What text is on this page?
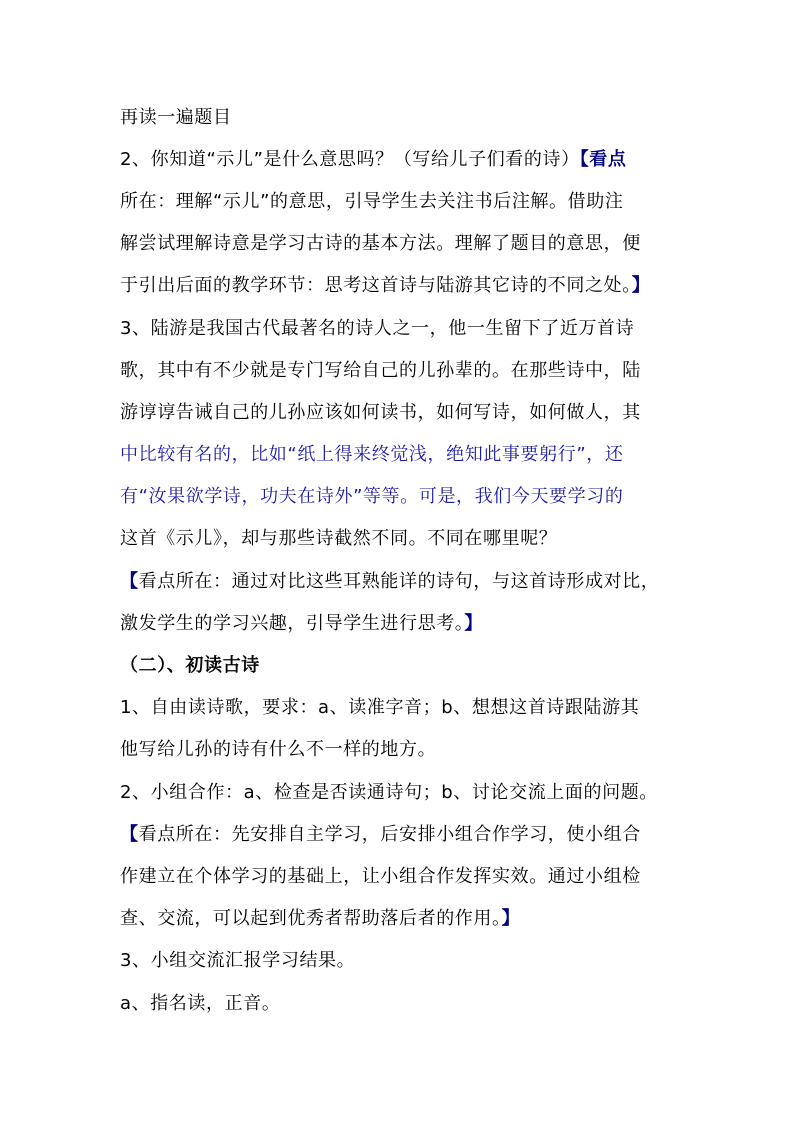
再读一遍题目
2、你知道“示儿”是什么意思吗？（写给儿子们看的诗）【看点
所在：理解“示儿”的意思，引导学生去关注书后注解。借助注
解尝试理解诗意是学习古诗的基本方法。理解了题目的意思，便
于引出后面的教学环节：思考这首诗与陆游其它诗的不同之处。】
3、陆游是我国古代最著名的诗人之一，他一生留下了近万首诗
歌，其中有不少就是专门写给自己的儿孙辈的。在那些诗中，陆
游谆谆告诫自己的儿孙应该如何读书，如何写诗，如何做人，其
中比较有名的，比如“纸上得来终觉浅，绝知此事要躬行”，还
有“汝果欲学诗，功夫在诗外”等等。可是，我们今天要学习的
这首《示儿》，却与那些诗截然不同。不同在哪里呢？
【看点所在：通过对比这些耳熟能详的诗句，与这首诗形成对比，
激发学生的学习兴趣，引导学生进行思考。】
（二）、初读古诗
1、自由读诗歌，要求：a、读准字音；b、想想这首诗跟陆游其
他写给儿孙的诗有什么不一样的地方。
2、小组合作：a、检查是否读通诗句；b、讨论交流上面的问题。
【看点所在：先安排自主学习，后安排小组合作学习，使小组合
作建立在个体学习的基础上，让小组合作发挥实效。通过小组检
查、交流，可以起到优秀者帮助落后者的作用。】
3、小组交流汇报学习结果。
a、指名读，正音。
